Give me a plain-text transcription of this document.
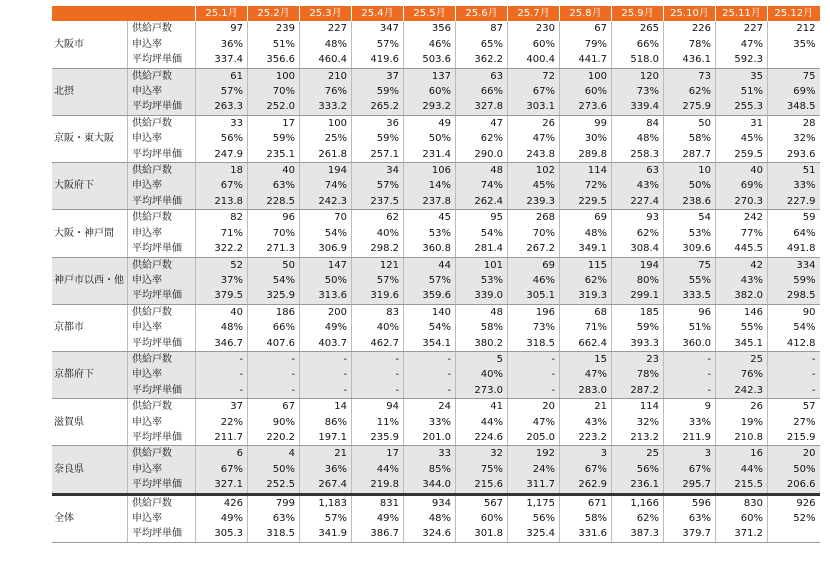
		25.1月	25.2月	25.3月	25.4月	25.5月	25.6月	25.7月	25.8月	25.9月	25.10月	25.11月	25.12月
大阪市	供給戸数	97	239	227	347	356	87	230	67	265	226	227	212
	申込率	36%	51%	48%	57%	46%	65%	60%	79%	66%	78%	47%	35%
	平均坪単価	337.4	356.6	460.4	419.6	503.6	362.2	400.4	441.7	518.0	436.1	592.3	
北摂	供給戸数	61	100	210	37	137	63	72	100	120	73	35	75
	申込率	57%	70%	76%	59%	60%	66%	67%	60%	73%	62%	51%	69%
	平均坪単価	263.3	252.0	333.2	265.2	293.2	327.8	303.1	273.6	339.4	275.9	255.3	348.5
京阪・東大阪	供給戸数	33	17	100	36	49	47	26	99	84	50	31	28
	申込率	56%	59%	25%	59%	50%	62%	47%	30%	48%	58%	45%	32%
	平均坪単価	247.9	235.1	261.8	257.1	231.4	290.0	243.8	289.8	258.3	287.7	259.5	293.6
大阪府下	供給戸数	18	40	194	34	106	48	102	114	63	10	40	51
	申込率	67%	63%	74%	57%	14%	74%	45%	72%	43%	50%	69%	33%
	平均坪単価	213.8	228.5	242.3	237.5	237.8	262.4	239.3	229.5	227.4	238.6	270.3	227.9
大阪・神戸間	供給戸数	82	96	70	62	45	95	268	69	93	54	242	59
	申込率	71%	70%	54%	40%	53%	54%	70%	48%	62%	53%	77%	64%
	平均坪単価	322.2	271.3	306.9	298.2	360.8	281.4	267.2	349.1	308.4	309.6	445.5	491.8
神戸市以西・他	供給戸数	52	50	147	121	44	101	69	115	194	75	42	334
	申込率	37%	54%	50%	57%	57%	53%	46%	62%	80%	55%	43%	59%
	平均坪単価	379.5	325.9	313.6	319.6	359.6	339.0	305.1	319.3	299.1	333.5	382.0	298.5
京都市	供給戸数	40	186	200	83	140	48	196	68	185	96	146	90
	申込率	48%	66%	49%	40%	54%	58%	73%	71%	59%	51%	55%	54%
	平均坪単価	346.7	407.6	403.7	462.7	354.1	380.2	318.5	662.4	393.3	360.0	345.1	412.8
京都府下	供給戸数	-	-	-	-	-	5	-	15	23	-	25	-
	申込率	-	-	-	-	-	40%	-	47%	78%	-	76%	-
	平均坪単価	-	-	-	-	-	273.0	-	283.0	287.2	-	242.3	-
滋賀県	供給戸数	37	67	14	94	24	41	20	21	114	9	26	57
	申込率	22%	90%	86%	11%	33%	44%	47%	43%	32%	33%	19%	27%
	平均坪単価	211.7	220.2	197.1	235.9	201.0	224.6	205.0	223.2	213.2	211.9	210.8	215.9
奈良県	供給戸数	6	4	21	17	33	32	192	3	25	3	16	20
	申込率	67%	50%	36%	44%	85%	75%	24%	67%	56%	67%	44%	50%
	平均坪単価	327.1	252.5	267.4	219.8	344.0	215.6	311.7	262.9	236.1	295.7	215.5	206.6
全体	供給戸数	426	799	1,183	831	934	567	1,175	671	1,166	596	830	926
	申込率	49%	63%	57%	49%	48%	60%	56%	58%	62%	63%	60%	52%
	平均坪単価	305.3	318.5	341.9	386.7	324.6	301.8	325.4	331.6	387.3	379.7	371.2	
